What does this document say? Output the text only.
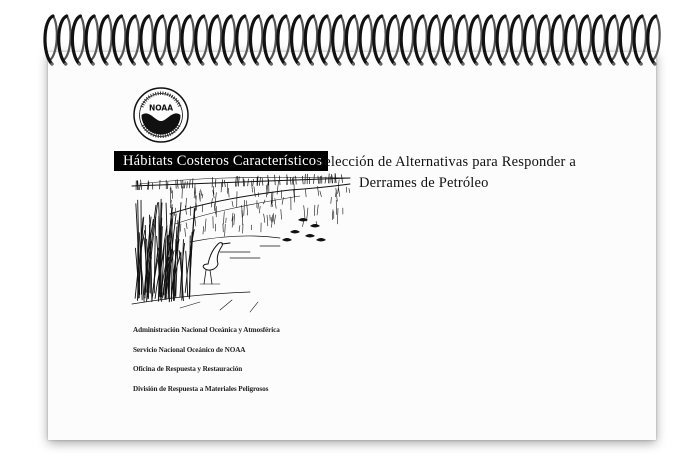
NOAA
Hábitats Costeros Característicos
Selección de Alternativas para Responder a
Derrames de Petróleo
Administración Nacional Oceánica y Atmosférica
Servicio Nacional Oceánico de NOAA
Oficina de Respuesta y Restauración
División de Respuesta a Materiales Peligrosos
